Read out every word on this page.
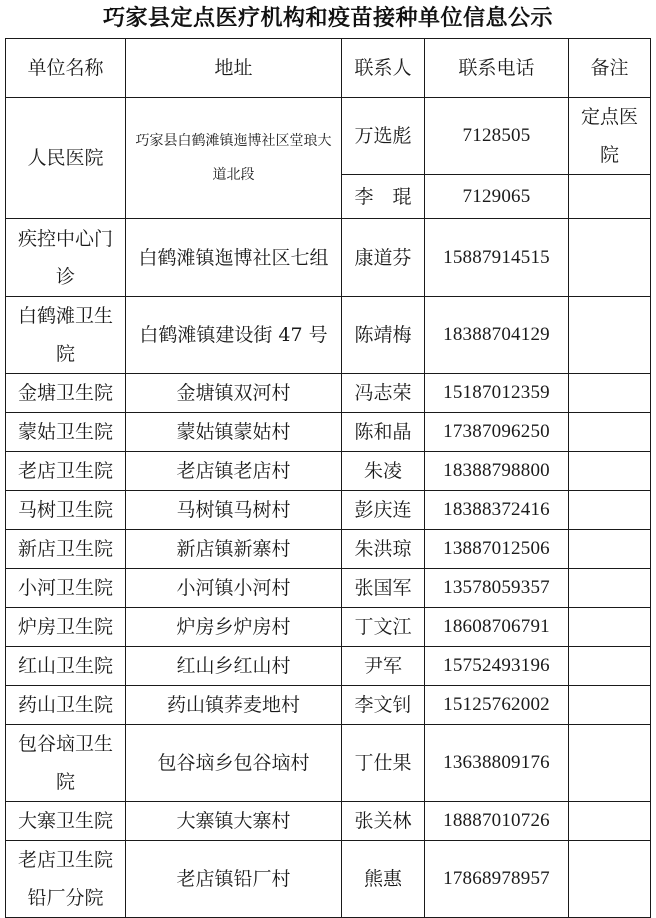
巧家县定点医疗机构和疫苗接种单位信息公示
单位名称	地址	联系人	联系电话	备注
人民医院	巧家县白鹤滩镇迤博社区堂琅大道北段	万选彪	7128505	定点医院
		李　琨	7129065	
疾控中心门诊	白鹤滩镇迤博社区七组	康道芬	15887914515	
白鹤滩卫生院	白鹤滩镇建设街 47 号	陈靖梅	18388704129	
金塘卫生院	金塘镇双河村	冯志荣	15187012359	
蒙姑卫生院	蒙姑镇蒙姑村	陈和晶	17387096250	
老店卫生院	老店镇老店村	朱凌	18388798800	
马树卫生院	马树镇马树村	彭庆连	18388372416	
新店卫生院	新店镇新寨村	朱洪琼	13887012506	
小河卫生院	小河镇小河村	张国军	13578059357	
炉房卫生院	炉房乡炉房村	丁文江	18608706791	
红山卫生院	红山乡红山村	尹军	15752493196	
药山卫生院	药山镇荞麦地村	李文钊	15125762002	
包谷垴卫生院	包谷垴乡包谷垴村	丁仕果	13638809176	
大寨卫生院	大寨镇大寨村	张关林	18887010726	
老店卫生院铅厂分院	老店镇铅厂村	熊惠	17868978957	
